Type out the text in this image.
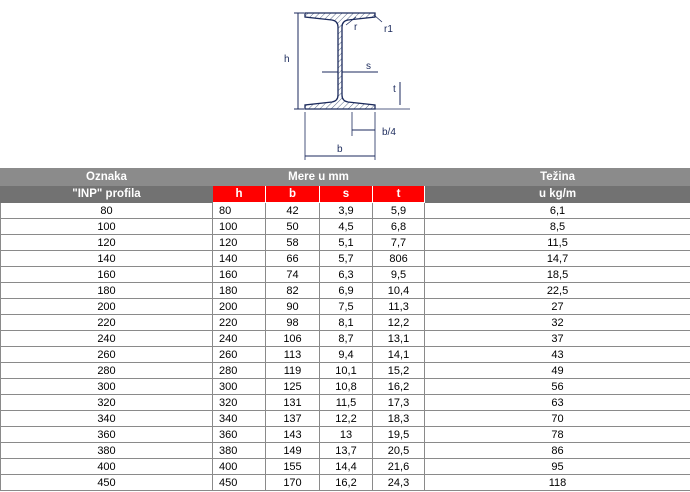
h
r	r1
s
t
b/4
b
Oznaka	Mere u mm				Težina
"INP" profila	h	b	s	t	u kg/m
80	80	42	3,9	5,9	6,1
100	100	50	4,5	6,8	8,5
120	120	58	5,1	7,7	11,5
140	140	66	5,7	806	14,7
160	160	74	6,3	9,5	18,5
180	180	82	6,9	10,4	22,5
200	200	90	7,5	11,3	27
220	220	98	8,1	12,2	32
240	240	106	8,7	13,1	37
260	260	113	9,4	14,1	43
280	280	119	10,1	15,2	49
300	300	125	10,8	16,2	56
320	320	131	11,5	17,3	63
340	340	137	12,2	18,3	70
360	360	143	13	19,5	78
380	380	149	13,7	20,5	86
400	400	155	14,4	21,6	95
450	450	170	16,2	24,3	118
